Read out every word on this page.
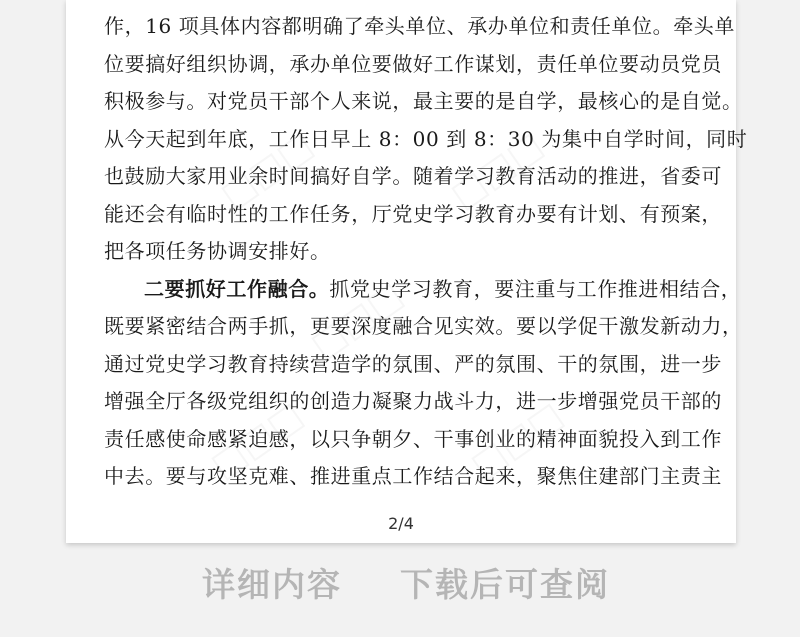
□□□	□□□
□□□
□□□	□□□
作，16 项具体内容都明确了牵头单位、承办单位和责任单位。牵头单
位要搞好组织协调，承办单位要做好工作谋划，责任单位要动员党员
积极参与。对党员干部个人来说，最主要的是自学，最核心的是自觉。
从今天起到年底，工作日早上 8：00 到 8：30 为集中自学时间，同时
也鼓励大家用业余时间搞好自学。随着学习教育活动的推进，省委可
能还会有临时性的工作任务，厅党史学习教育办要有计划、有预案，
把各项任务协调安排好。
二要抓好工作融合。抓党史学习教育，要注重与工作推进相结合，
既要紧密结合两手抓，更要深度融合见实效。要以学促干激发新动力，
通过党史学习教育持续营造学的氛围、严的氛围、干的氛围，进一步
增强全厅各级党组织的创造力凝聚力战斗力，进一步增强党员干部的
责任感使命感紧迫感，以只争朝夕、干事创业的精神面貌投入到工作
中去。要与攻坚克难、推进重点工作结合起来，聚焦住建部门主责主
2/4
详细内容 下载后可查阅
